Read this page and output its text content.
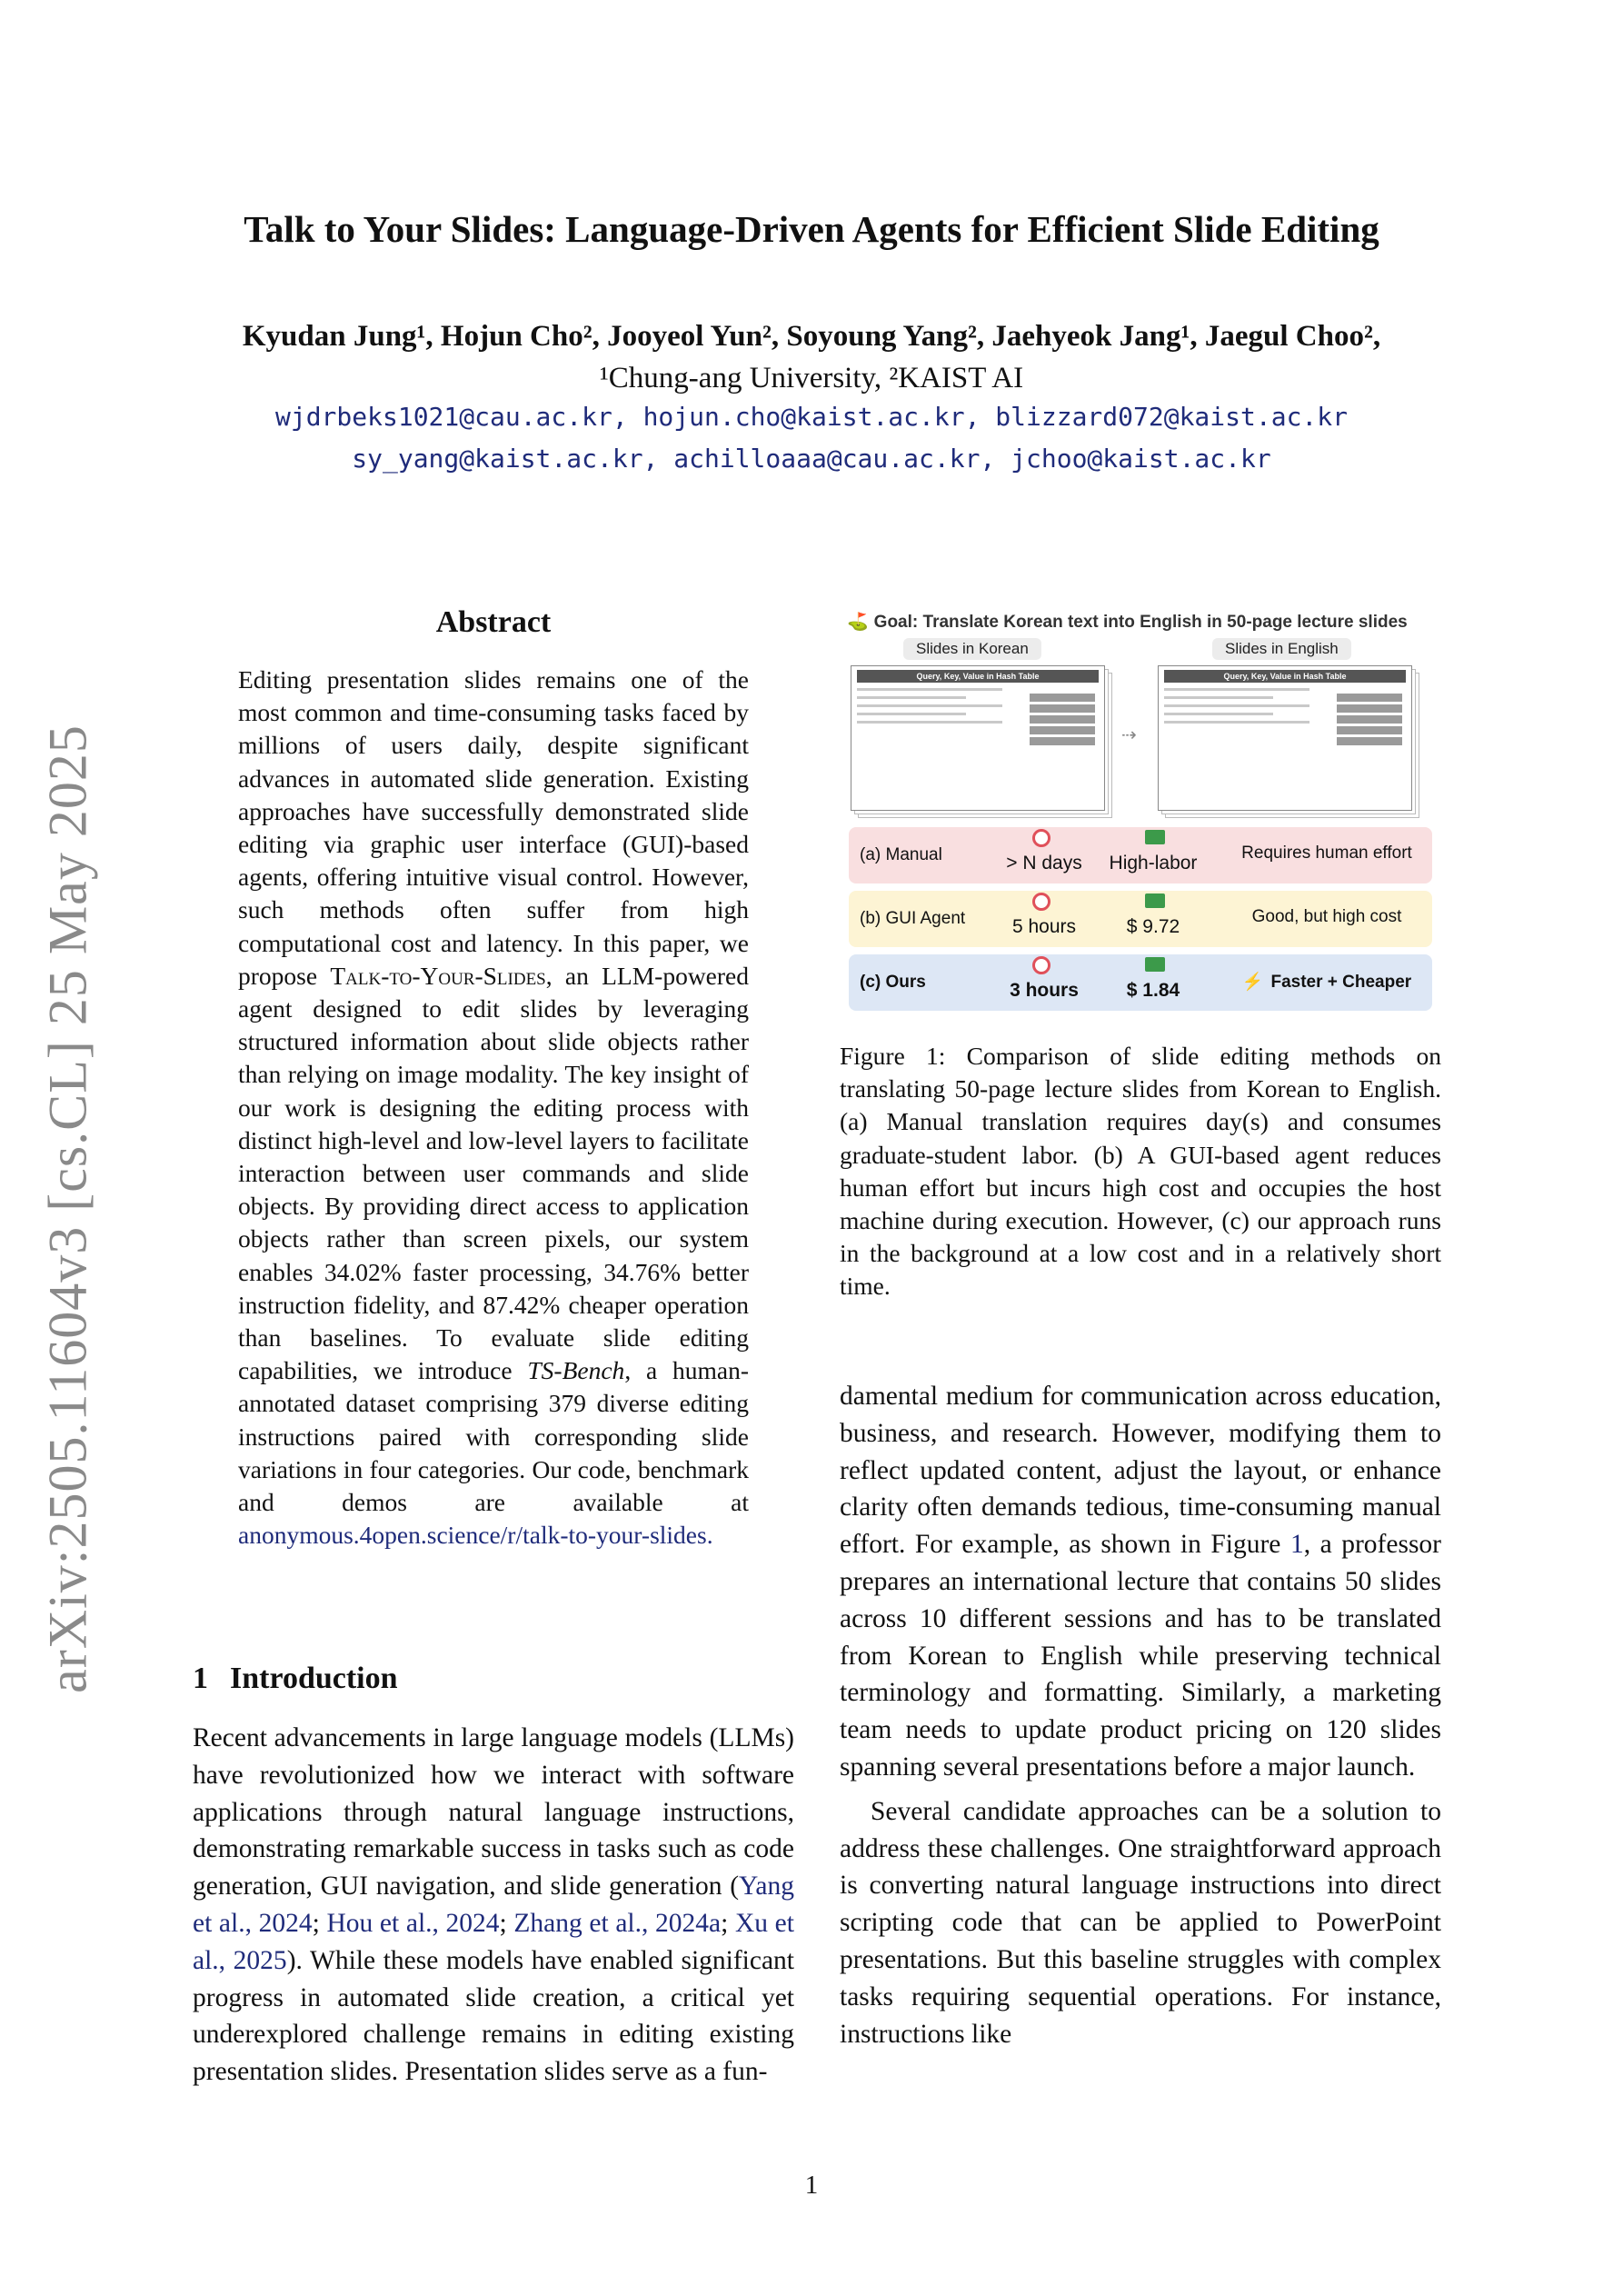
arXiv:2505.11604v3 [cs.CL] 25 May 2025
Talk to Your Slides: Language-Driven Agents for Efficient Slide Editing
Kyudan Jung¹, Hojun Cho², Jooyeol Yun², Soyoung Yang², Jaehyeok Jang¹, Jaegul Choo²,
¹Chung-ang University, ²KAIST AI
wjdrbeks1021@cau.ac.kr, hojun.cho@kaist.ac.kr, blizzard072@kaist.ac.kr
sy_yang@kaist.ac.kr, achilloaaa@cau.ac.kr, jchoo@kaist.ac.kr
Abstract
Editing presentation slides remains one of the most common and time-consuming tasks faced by millions of users daily, despite significant advances in automated slide generation. Existing approaches have successfully demonstrated slide editing via graphic user interface (GUI)-based agents, offering intuitive visual control. However, such methods often suffer from high computational cost and latency. In this paper, we propose Talk-to-Your-Slides, an LLM-powered agent designed to edit slides by leveraging structured information about slide objects rather than relying on image modality. The key insight of our work is designing the editing process with distinct high-level and low-level layers to facilitate interaction between user commands and slide objects. By providing direct access to application objects rather than screen pixels, our system enables 34.02% faster processing, 34.76% better instruction fidelity, and 87.42% cheaper operation than baselines. To evaluate slide editing capabilities, we introduce TS-Bench, a human-annotated dataset comprising 379 diverse editing instructions paired with corresponding slide variations in four categories. Our code, benchmark and demos are available at anonymous.4open.science/r/talk-to-your-slides.
1 Introduction
Recent advancements in large language models (LLMs) have revolutionized how we interact with software applications through natural language instructions, demonstrating remarkable success in tasks such as code generation, GUI navigation, and slide generation (Yang et al., 2024; Hou et al., 2024; Zhang et al., 2024a; Xu et al., 2025). While these models have enabled significant progress in automated slide creation, a critical yet underexplored challenge remains in editing existing presentation slides. Presentation slides serve as a fun-
⛳ Goal: Translate Korean text into English in 50-page lecture slides
Slides in Korean	Slides in English
Query, Key, Value in Hash Table
⇢
Query, Key, Value in Hash Table
(a) Manual	> N days	High-labor	Requires human effort
(b) GUI Agent	5 hours	$ 9.72	Good, but high cost
(c) Ours	3 hours	$ 1.84	⚡ Faster + Cheaper
Figure 1: Comparison of slide editing methods on translating 50-page lecture slides from Korean to English. (a) Manual translation requires day(s) and consumes graduate-student labor. (b) A GUI-based agent reduces human effort but incurs high cost and occupies the host machine during execution. However, (c) our approach runs in the background at a low cost and in a relatively short time.

damental medium for communication across education, business, and research. However, modifying them to reflect updated content, adjust the layout, or enhance clarity often demands tedious, time-consuming manual effort. For example, as shown in Figure 1, a professor prepares an international lecture that contains 50 slides across 10 different sessions and has to be translated from Korean to English while preserving technical terminology and formatting. Similarly, a marketing team needs to update product pricing on 120 slides spanning several presentations before a major launch.

Several candidate approaches can be a solution to address these challenges. One straightforward approach is converting natural language instructions into direct scripting code that can be applied to PowerPoint presentations. But this baseline struggles with complex tasks requiring sequential operations. For instance, instructions like

1
